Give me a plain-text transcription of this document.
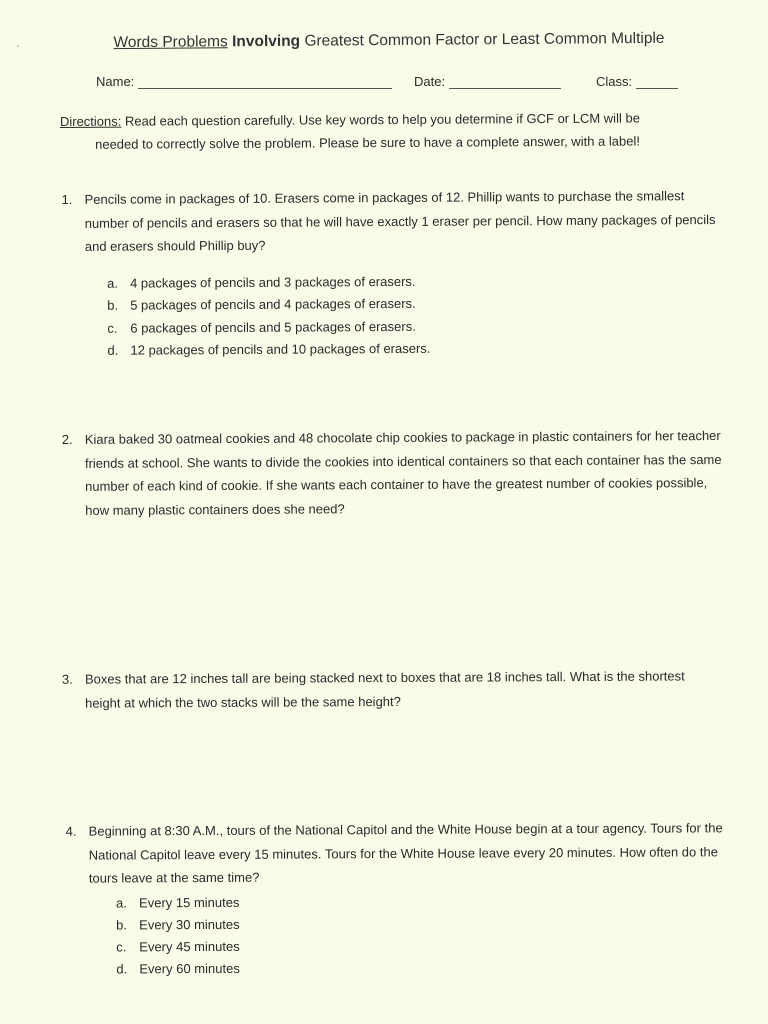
Words Problems Involving Greatest Common Factor or Least Common Multiple
Name:	Date:	Class:
Directions: Read each question carefully. Use key words to help you determine if GCF or LCM will be
needed to correctly solve the problem. Please be sure to have a complete answer, with a label!
1. Pencils come in packages of 10. Erasers come in packages of 12. Phillip wants to purchase the smallest number of pencils and erasers so that he will have exactly 1 eraser per pencil. How many packages of pencils and erasers should Phillip buy?
a. 4 packages of pencils and 3 packages of erasers.
b. 5 packages of pencils and 4 packages of erasers.
c. 6 packages of pencils and 5 packages of erasers.
d. 12 packages of pencils and 10 packages of erasers.
2. Kiara baked 30 oatmeal cookies and 48 chocolate chip cookies to package in plastic containers for her teacher friends at school. She wants to divide the cookies into identical containers so that each container has the same number of each kind of cookie. If she wants each container to have the greatest number of cookies possible, how many plastic containers does she need?
3. Boxes that are 12 inches tall are being stacked next to boxes that are 18 inches tall. What is the shortest height at which the two stacks will be the same height?
4. Beginning at 8:30 A.M., tours of the National Capitol and the White House begin at a tour agency. Tours for the National Capitol leave every 15 minutes. Tours for the White House leave every 20 minutes. How often do the tours leave at the same time?
a. Every 15 minutes
b. Every 30 minutes
c. Every 45 minutes
d. Every 60 minutes
